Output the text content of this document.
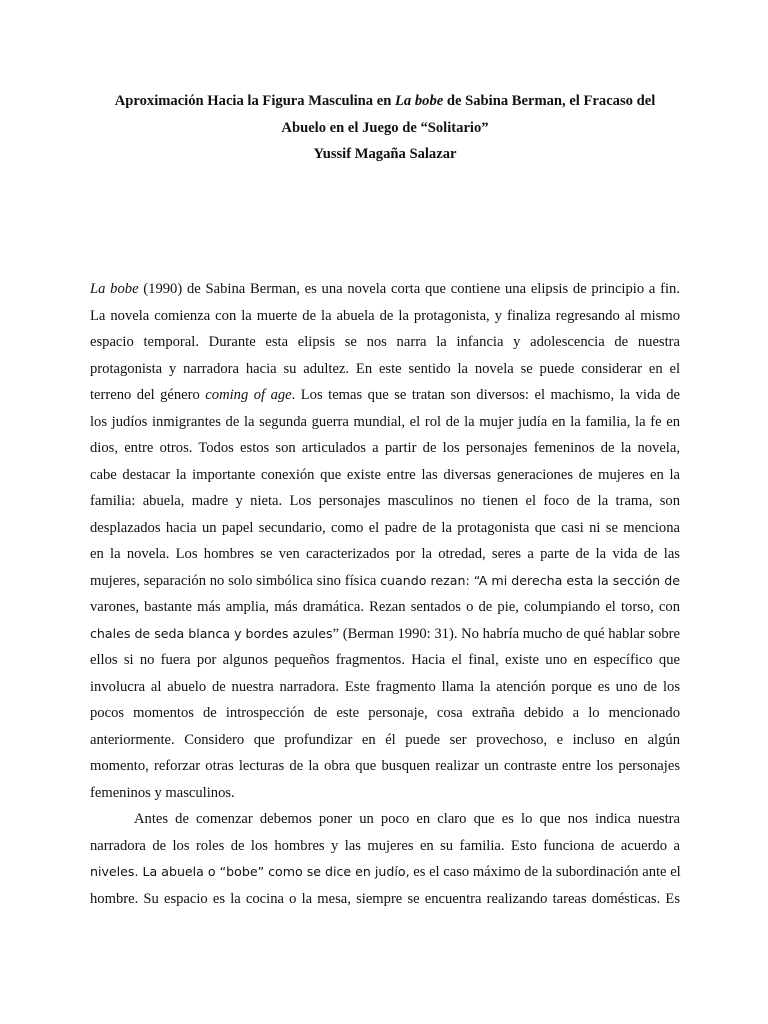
Aproximación Hacia la Figura Masculina en La bobe de Sabina Berman, el Fracaso del
Abuelo en el Juego de “Solitario”
Yussif Magaña Salazar
La bobe (1990) de Sabina Berman, es una novela corta que contiene una elipsis de principio a fin.
La novela comienza con la muerte de la abuela de la protagonista, y finaliza regresando al mismo
espacio temporal. Durante esta elipsis se nos narra la infancia y adolescencia de nuestra
protagonista y narradora hacia su adultez. En este sentido la novela se puede considerar en el
terreno del género coming of age. Los temas que se tratan son diversos: el machismo, la vida de
los judíos inmigrantes de la segunda guerra mundial, el rol de la mujer judía en la familia, la fe en
dios, entre otros. Todos estos son articulados a partir de los personajes femeninos de la novela,
cabe destacar la importante conexión que existe entre las diversas generaciones de mujeres en la
familia: abuela, madre y nieta. Los personajes masculinos no tienen el foco de la trama, son
desplazados hacia un papel secundario, como el padre de la protagonista que casi ni se menciona
en la novela. Los hombres se ven caracterizados por la otredad, seres a parte de la vida de las
mujeres, separación no solo simbólica sino física cuando rezan: “A mi derecha esta la sección de
varones, bastante más amplia, más dramática. Rezan sentados o de pie, columpiando el torso, con
chales de seda blanca y bordes azules” (Berman 1990: 31). No habría mucho de qué hablar sobre
ellos si no fuera por algunos pequeños fragmentos. Hacia el final, existe uno en específico que
involucra al abuelo de nuestra narradora. Este fragmento llama la atención porque es uno de los
pocos momentos de introspección de este personaje, cosa extraña debido a lo mencionado
anteriormente. Considero que profundizar en él puede ser provechoso, e incluso en algún
momento, reforzar otras lecturas de la obra que busquen realizar un contraste entre los personajes
femeninos y masculinos.
Antes de comenzar debemos poner un poco en claro que es lo que nos indica nuestra
narradora de los roles de los hombres y las mujeres en su familia. Esto funciona de acuerdo a
niveles. La abuela o “bobe” como se dice en judío, es el caso máximo de la subordinación ante el
hombre. Su espacio es la cocina o la mesa, siempre se encuentra realizando tareas domésticas. Es
